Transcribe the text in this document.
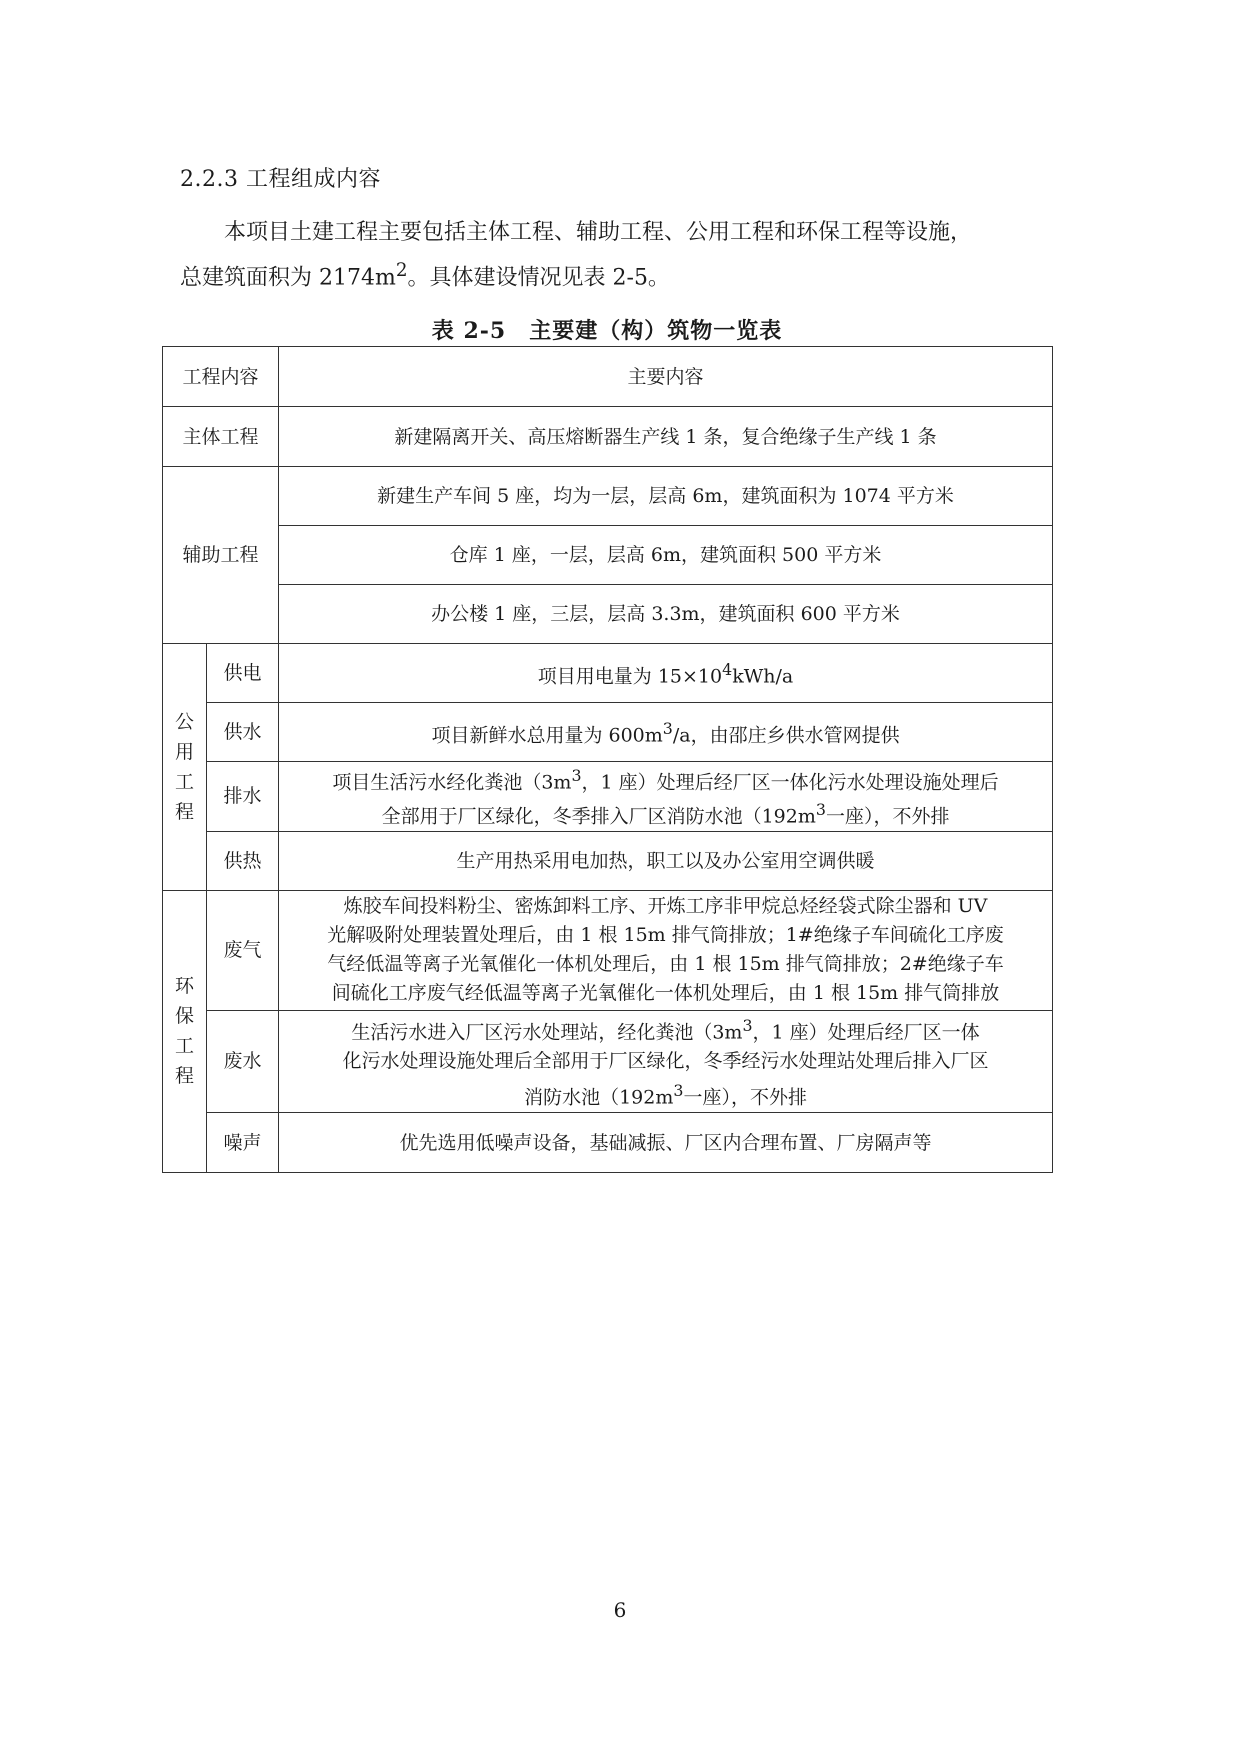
2.2.3 工程组成内容
本项目土建工程主要包括主体工程、辅助工程、公用工程和环保工程等设施，
总建筑面积为 $2174m^2$。具体建设情况见表 2-5。
表 2-5　主要建（构）筑物一览表
工程内容		主要内容
主体工程		新建隔离开关、高压熔断器生产线 1 条，复合绝缘子生产线 1 条
辅助工程		新建生产车间 5 座，均为一层，层高 6m，建筑面积为 1074 平方米
		仓库 1 座，一层，层高 6m，建筑面积 500 平方米
		办公楼 1 座，三层，层高 3.3m，建筑面积 600 平方米

公
用
工
程	供电	项目用电量为 $15\times 10^4kWh/a$
	供水	项目新鲜水总用量为 $600m^3/a$，由邵庄乡供水管网提供
	排水	项目生活污水经化粪池（$3m^3$，1 座）处理后经厂区一体化污水处理设施处理后
全部用于厂区绿化，冬季排入厂区消防水池（$192m^3$一座），不外排
	供热	生产用热采用电加热，职工以及办公室用空调供暖

环
保
工
程	废气	炼胶车间投料粉尘、密炼卸料工序、开炼工序非甲烷总烃经袋式除尘器和 UV
光解吸附处理装置处理后，由 1 根 15m 排气筒排放；1#绝缘子车间硫化工序废
气经低温等离子光氧催化一体机处理后，由 1 根 15m 排气筒排放；2#绝缘子车
间硫化工序废气经低温等离子光氧催化一体机处理后，由 1 根 15m 排气筒排放
	废水	生活污水进入厂区污水处理站，经化粪池（$3m^3$，1 座）处理后经厂区一体
化污水处理设施处理后全部用于厂区绿化，冬季经污水处理站处理后排入厂区
消防水池（$192m^3$一座），不外排
	噪声	优先选用低噪声设备，基础减振、厂区内合理布置、厂房隔声等
6
